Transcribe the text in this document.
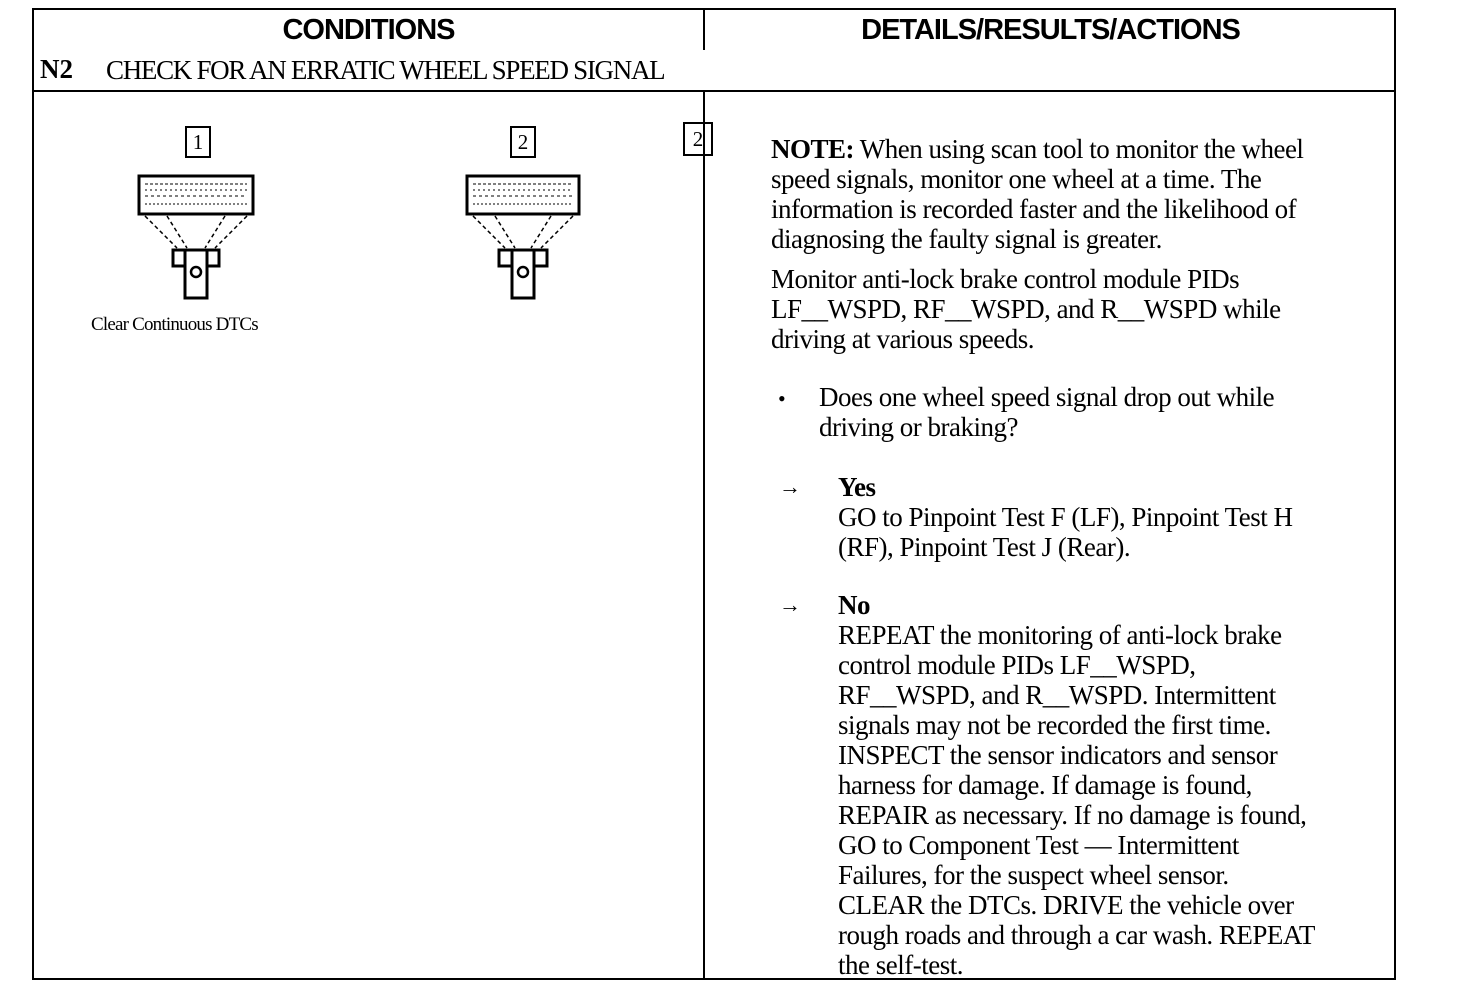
CONDITIONS	DETAILS/RESULTS/ACTIONS
N2 CHECK FOR AN ERRATIC WHEEL SPEED SIGNAL
1	2
Clear Continuous DTCs
2	NOTE: When using scan tool to monitor the wheel
speed signals, monitor one wheel at a time. The
information is recorded faster and the likelihood of
diagnosing the faulty signal is greater.
Monitor anti-lock brake control module PIDs
LF__WSPD, RF__WSPD, and R__WSPD while
driving at various speeds.
• Does one wheel speed signal drop out while
driving or braking?
→ Yes
GO to Pinpoint Test F (LF), Pinpoint Test H
(RF), Pinpoint Test J (Rear).
→ No
REPEAT the monitoring of anti-lock brake
control module PIDs LF__WSPD,
RF__WSPD, and R__WSPD. Intermittent
signals may not be recorded the first time.
INSPECT the sensor indicators and sensor
harness for damage. If damage is found,
REPAIR as necessary. If no damage is found,
GO to Component Test — Intermittent
Failures, for the suspect wheel sensor.
CLEAR the DTCs. DRIVE the vehicle over
rough roads and through a car wash. REPEAT
the self-test.
